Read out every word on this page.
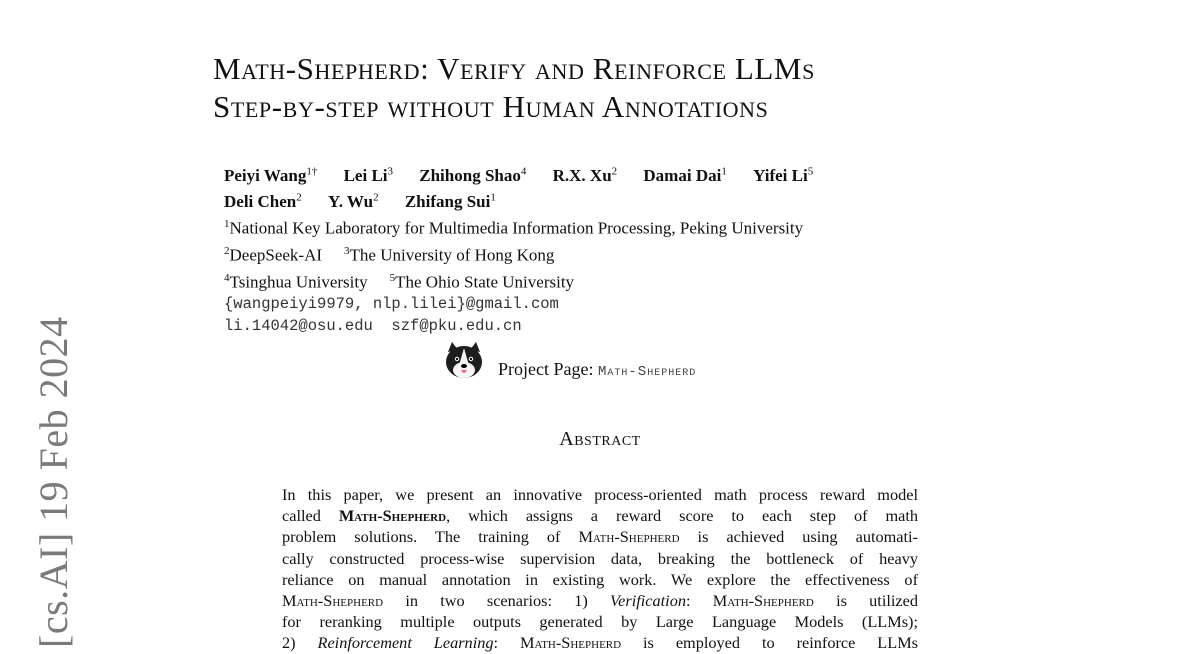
[cs.AI] 19 Feb 2024
Math-Shepherd: Verify and Reinforce LLMs
Step-by-step without Human Annotations
Peiyi Wang$^{1\dagger}$ Lei Li$^3$ Zhihong Shao$^4$ R.X. Xu$^2$ Damai Dai$^1$ Yifei Li$^5$
Deli Chen$^2$ Y. Wu$^2$ Zhifang Sui$^1$
$^1$National Key Laboratory for Multimedia Information Processing, Peking University
$^2$DeepSeek-AI $^3$The University of Hong Kong
$^4$Tsinghua University $^5$The Ohio State University
{wangpeiyi9979, nlp.lilei}@gmail.com
li.14042@osu.edu  szf@pku.edu.cn
Project Page: Math-Shepherd
Abstract
In this paper, we present an innovative process-oriented math process reward model
called Math-Shepherd, which assigns a reward score to each step of math
problem solutions. The training of Math-Shepherd is achieved using automati-
cally constructed process-wise supervision data, breaking the bottleneck of heavy
reliance on manual annotation in existing work. We explore the effectiveness of
Math-Shepherd in two scenarios: 1) Verification: Math-Shepherd is utilized
for reranking multiple outputs generated by Large Language Models (LLMs);
2) Reinforcement Learning: Math-Shepherd is employed to reinforce LLMs
